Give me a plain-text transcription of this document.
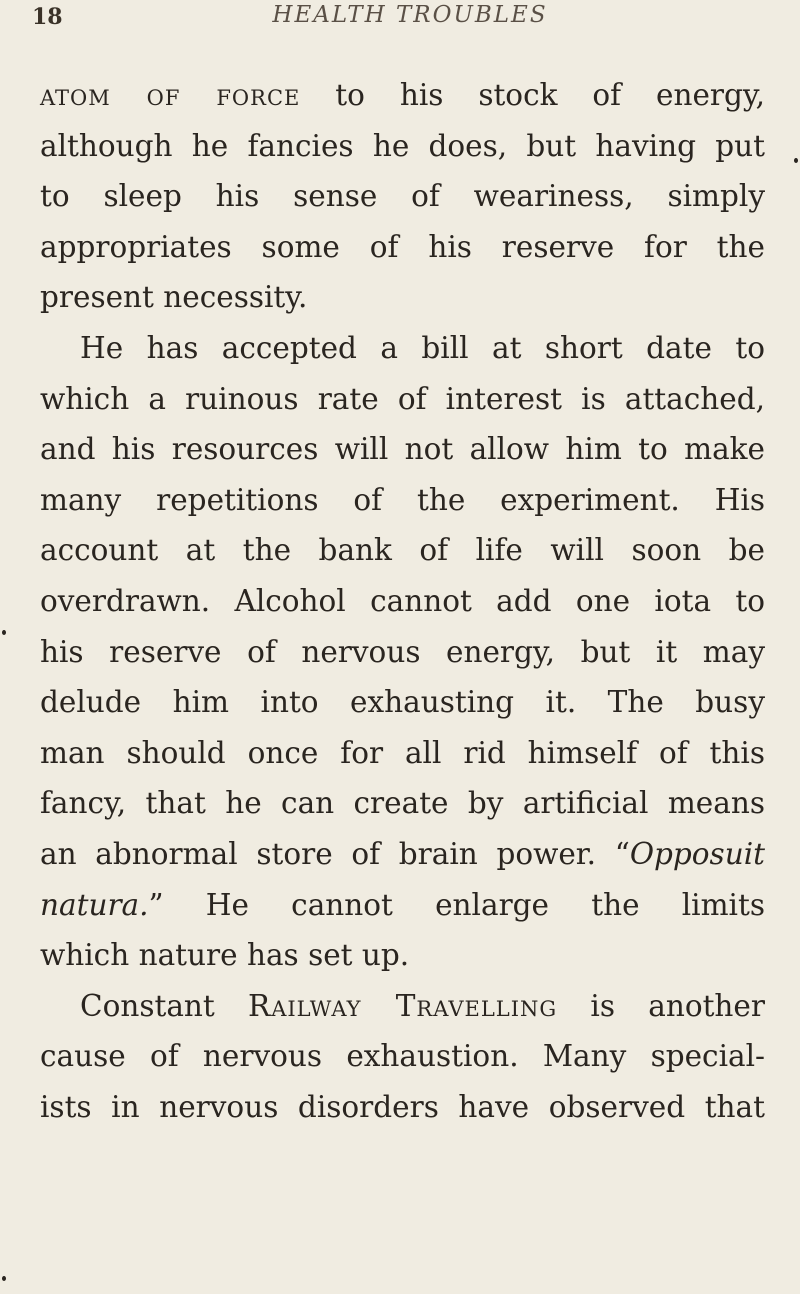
18	HEALTH TROUBLES
atom of force to his stock of energy,
although he fancies he does, but having put
to sleep his sense of weariness, simply
appropriates some of his reserve for the
present necessity.
He has accepted a bill at short date to
which a ruinous rate of interest is attached,
and his resources will not allow him to make
many repetitions of the experiment. His
account at the bank of life will soon be
overdrawn. Alcohol cannot add one iota to
his reserve of nervous energy, but it may
delude him into exhausting it. The busy
man should once for all rid himself of this
fancy, that he can create by artificial means
an abnormal store of brain power. “Opposuit
natura.” He cannot enlarge the limits
which nature has set up.
Constant Railway Travelling is another
cause of nervous exhaustion. Many special-
ists in nervous disorders have observed that
